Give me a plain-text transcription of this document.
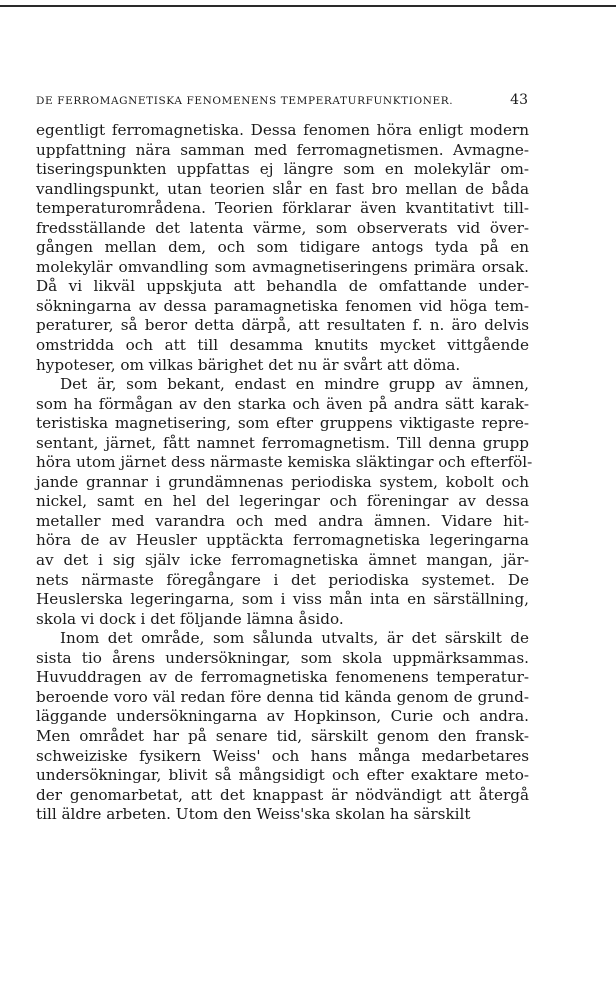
DE FERROMAGNETISKA FENOMENENS TEMPERATURFUNKTIONER.	43
egentligt ferromagnetiska. Dessa fenomen höra enligt modern
uppfattning nära samman med ferromagnetismen. Avmagne-
tiseringspunkten uppfattas ej längre som en molekylär om-
vandlingspunkt, utan teorien slår en fast bro mellan de båda
temperaturområdena. Teorien förklarar även kvantitativt till-
fredsställande det latenta värme, som observerats vid över-
gången mellan dem, och som tidigare antogs tyda på en
molekylär omvandling som avmagnetiseringens primära orsak.
Då vi likväl uppskjuta att behandla de omfattande under-
sökningarna av dessa paramagnetiska fenomen vid höga tem-
peraturer, så beror detta därpå, att resultaten f. n. äro delvis
omstridda och att till desamma knutits mycket vittgående
hypoteser, om vilkas bärighet det nu är svårt att döma.
Det är, som bekant, endast en mindre grupp av ämnen,
som ha förmågan av den starka och även på andra sätt karak-
teristiska magnetisering, som efter gruppens viktigaste repre-
sentant, järnet, fått namnet ferromagnetism. Till denna grupp
höra utom järnet dess närmaste kemiska släktingar och efterföl-
jande grannar i grundämnenas periodiska system, kobolt och
nickel, samt en hel del legeringar och föreningar av dessa
metaller med varandra och med andra ämnen. Vidare hit-
höra de av Heusler upptäckta ferromagnetiska legeringarna
av det i sig själv icke ferromagnetiska ämnet mangan, jär-
nets närmaste föregångare i det periodiska systemet. De
Heuslerska legeringarna, som i viss mån inta en särställning,
skola vi dock i det följande lämna åsido.
Inom det område, som sålunda utvalts, är det särskilt de
sista tio årens undersökningar, som skola uppmärksammas.
Huvuddragen av de ferromagnetiska fenomenens temperatur-
beroende voro väl redan före denna tid kända genom de grund-
läggande undersökningarna av Hopkinson, Curie och andra.
Men området har på senare tid, särskilt genom den fransk-
schweiziske fysikern Weiss' och hans många medarbetares
undersökningar, blivit så mångsidigt och efter exaktare meto-
der genomarbetat, att det knappast är nödvändigt att återgå
till äldre arbeten. Utom den Weiss'ska skolan ha särskilt
